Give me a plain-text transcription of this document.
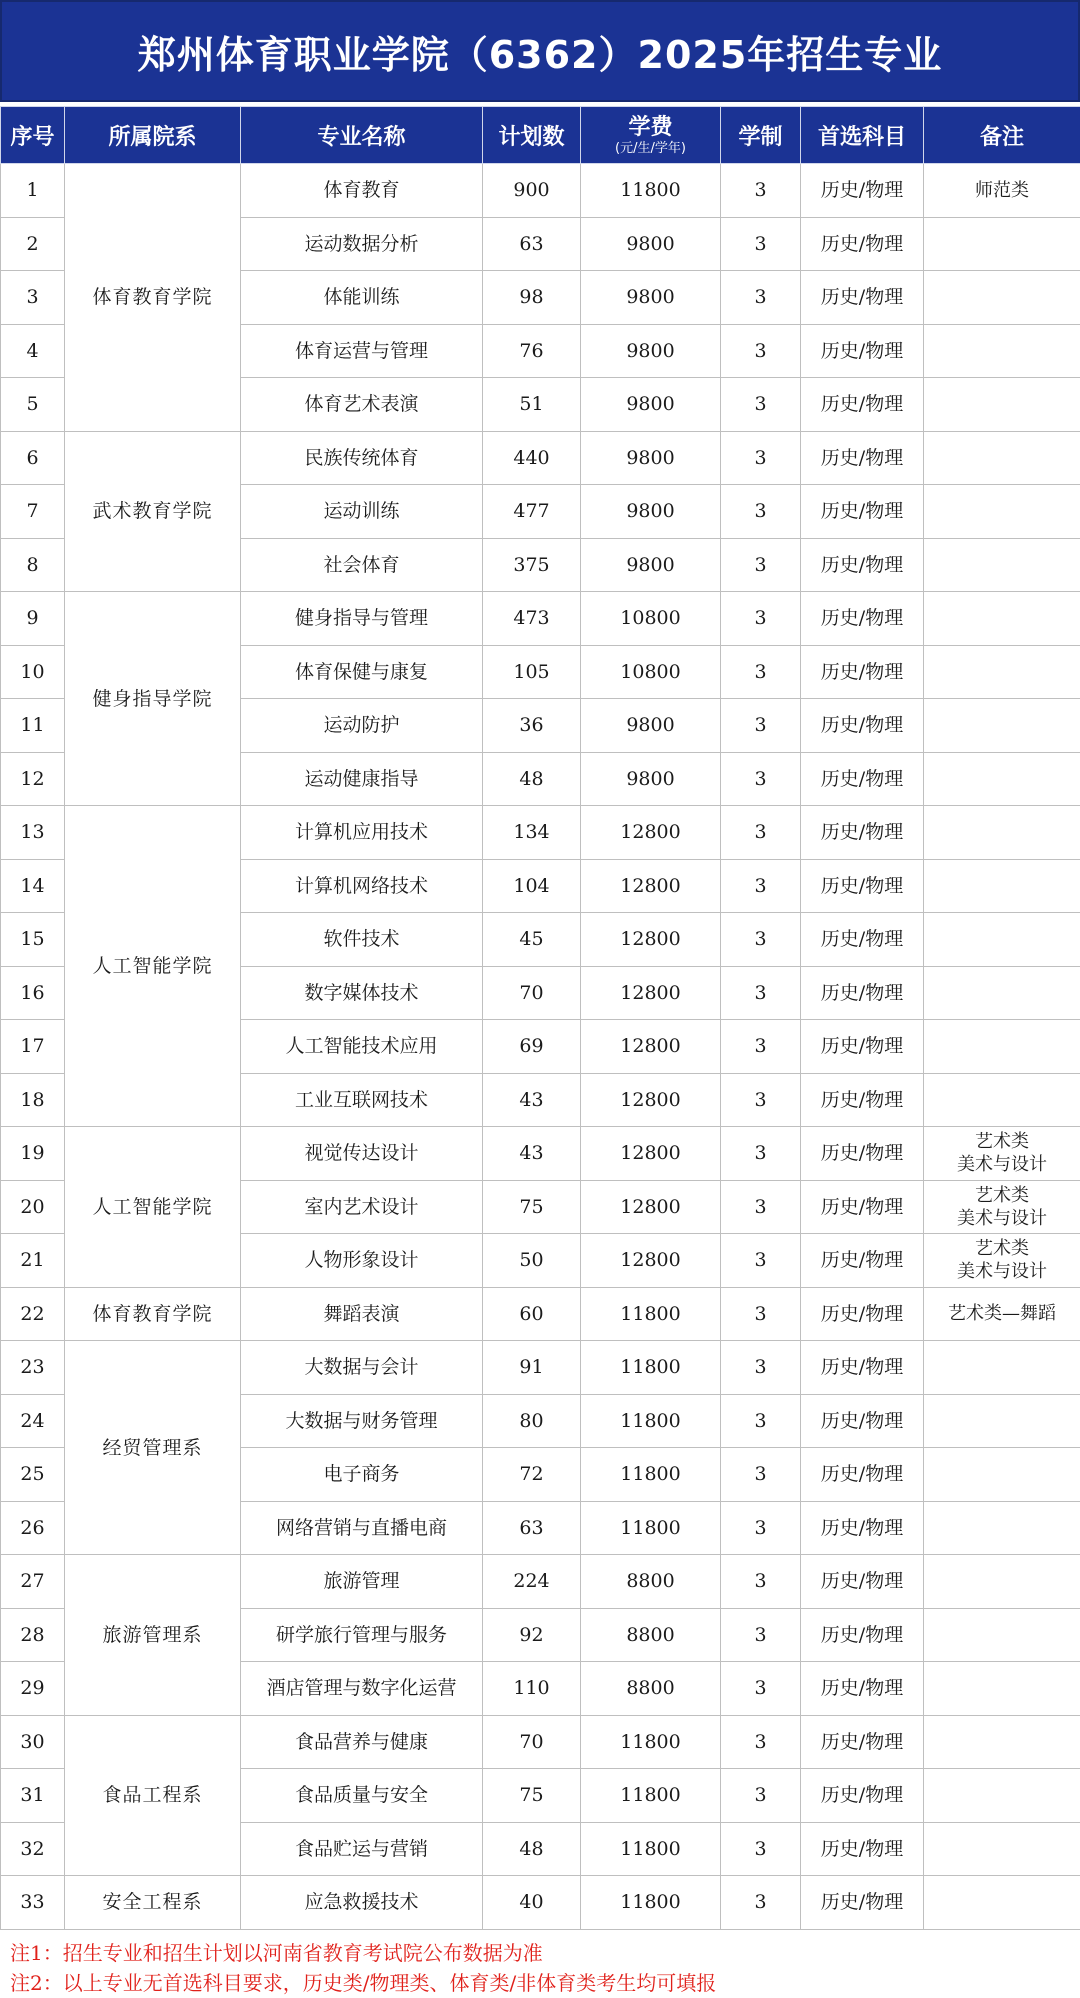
郑州体育职业学院（6362）2025年招生专业
序号	所属院系	专业名称	计划数	学费
(元/生/学年)	学制	首选科目	备注
1	体育教育学院	体育教育	900	11800	3	历史/物理	师范类
2		运动数据分析	63	9800	3	历史/物理	
3		体能训练	98	9800	3	历史/物理	
4		体育运营与管理	76	9800	3	历史/物理	
5		体育艺术表演	51	9800	3	历史/物理	
6	武术教育学院	民族传统体育	440	9800	3	历史/物理	
7		运动训练	477	9800	3	历史/物理	
8		社会体育	375	9800	3	历史/物理	
9	健身指导学院	健身指导与管理	473	10800	3	历史/物理	
10		体育保健与康复	105	10800	3	历史/物理	
11		运动防护	36	9800	3	历史/物理	
12		运动健康指导	48	9800	3	历史/物理	
13	人工智能学院	计算机应用技术	134	12800	3	历史/物理	
14		计算机网络技术	104	12800	3	历史/物理	
15		软件技术	45	12800	3	历史/物理	
16		数字媒体技术	70	12800	3	历史/物理	
17		人工智能技术应用	69	12800	3	历史/物理	
18		工业互联网技术	43	12800	3	历史/物理	
19	人工智能学院	视觉传达设计	43	12800	3	历史/物理	艺术类
美术与设计
20		室内艺术设计	75	12800	3	历史/物理	艺术类
美术与设计
21		人物形象设计	50	12800	3	历史/物理	艺术类
美术与设计
22	体育教育学院	舞蹈表演	60	11800	3	历史/物理	艺术类—舞蹈
23	经贸管理系	大数据与会计	91	11800	3	历史/物理	
24		大数据与财务管理	80	11800	3	历史/物理	
25		电子商务	72	11800	3	历史/物理	
26		网络营销与直播电商	63	11800	3	历史/物理	
27	旅游管理系	旅游管理	224	8800	3	历史/物理	
28		研学旅行管理与服务	92	8800	3	历史/物理	
29		酒店管理与数字化运营	110	8800	3	历史/物理	
30	食品工程系	食品营养与健康	70	11800	3	历史/物理	
31		食品质量与安全	75	11800	3	历史/物理	
32		食品贮运与营销	48	11800	3	历史/物理	
33	安全工程系	应急救援技术	40	11800	3	历史/物理	
注1：招生专业和招生计划以河南省教育考试院公布数据为准
注2：以上专业无首选科目要求，历史类/物理类、体育类/非体育类考生均可填报
